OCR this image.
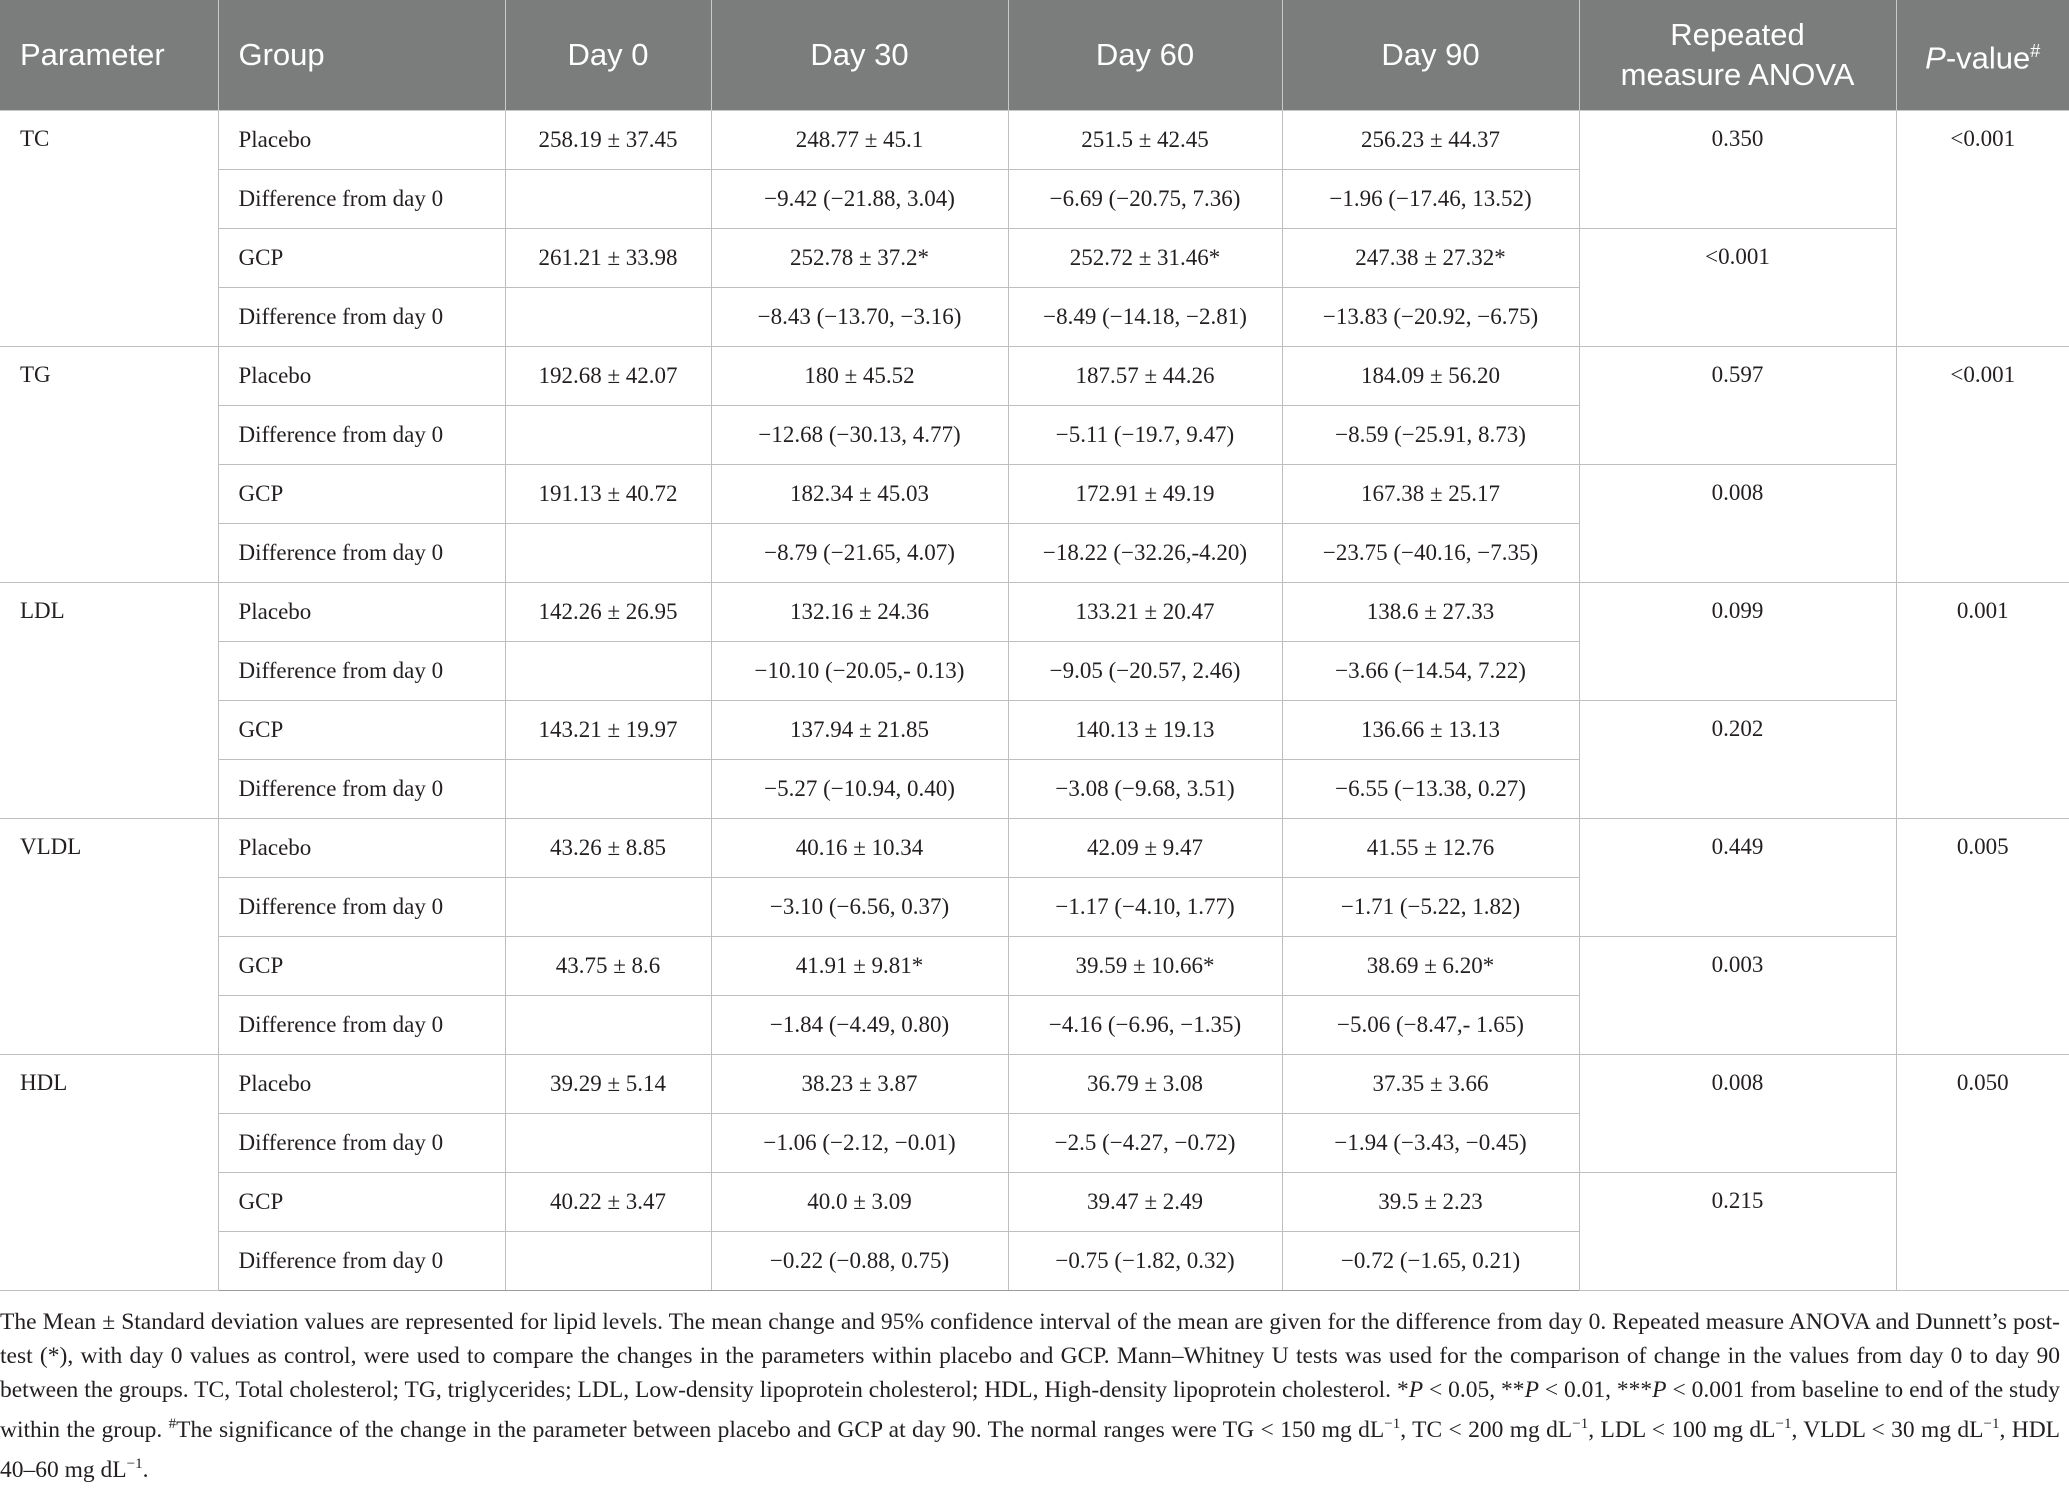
Parameter	Group	Day 0	Day 30	Day 60	Day 90	Repeated
measure ANOVA	P-value#
TC	Placebo	258.19 ± 37.45	248.77 ± 45.1	251.5 ± 42.45	256.23 ± 44.37	0.350	<0.001
	Difference from day 0		−9.42 (−21.88, 3.04)	−6.69 (−20.75, 7.36)	−1.96 (−17.46, 13.52)		
	GCP	261.21 ± 33.98	252.78 ± 37.2*	252.72 ± 31.46*	247.38 ± 27.32*	<0.001	
	Difference from day 0		−8.43 (−13.70, −3.16)	−8.49 (−14.18, −2.81)	−13.83 (−20.92, −6.75)		
TG	Placebo	192.68 ± 42.07	180 ± 45.52	187.57 ± 44.26	184.09 ± 56.20	0.597	<0.001
	Difference from day 0		−12.68 (−30.13, 4.77)	−5.11 (−19.7, 9.47)	−8.59 (−25.91, 8.73)		
	GCP	191.13 ± 40.72	182.34 ± 45.03	172.91 ± 49.19	167.38 ± 25.17	0.008	
	Difference from day 0		−8.79 (−21.65, 4.07)	−18.22 (−32.26,-4.20)	−23.75 (−40.16, −7.35)		
LDL	Placebo	142.26 ± 26.95	132.16 ± 24.36	133.21 ± 20.47	138.6 ± 27.33	0.099	0.001
	Difference from day 0		−10.10 (−20.05,- 0.13)	−9.05 (−20.57, 2.46)	−3.66 (−14.54, 7.22)		
	GCP	143.21 ± 19.97	137.94 ± 21.85	140.13 ± 19.13	136.66 ± 13.13	0.202	
	Difference from day 0		−5.27 (−10.94, 0.40)	−3.08 (−9.68, 3.51)	−6.55 (−13.38, 0.27)		
VLDL	Placebo	43.26 ± 8.85	40.16 ± 10.34	42.09 ± 9.47	41.55 ± 12.76	0.449	0.005
	Difference from day 0		−3.10 (−6.56, 0.37)	−1.17 (−4.10, 1.77)	−1.71 (−5.22, 1.82)		
	GCP	43.75 ± 8.6	41.91 ± 9.81*	39.59 ± 10.66*	38.69 ± 6.20*	0.003	
	Difference from day 0		−1.84 (−4.49, 0.80)	−4.16 (−6.96, −1.35)	−5.06 (−8.47,- 1.65)		
HDL	Placebo	39.29 ± 5.14	38.23 ± 3.87	36.79 ± 3.08	37.35 ± 3.66	0.008	0.050
	Difference from day 0		−1.06 (−2.12, −0.01)	−2.5 (−4.27, −0.72)	−1.94 (−3.43, −0.45)		
	GCP	40.22 ± 3.47	40.0 ± 3.09	39.47 ± 2.49	39.5 ± 2.23	0.215	
	Difference from day 0		−0.22 (−0.88, 0.75)	−0.75 (−1.82, 0.32)	−0.72 (−1.65, 0.21)		

The Mean ± Standard deviation values are represented for lipid levels. The mean change and 95% confidence interval of the mean are given for the difference from day 0. Repeated measure ANOVA and Dunnett’s post-test (*), with day 0 values as control, were used to compare the changes in the parameters within placebo and GCP. Mann–Whitney U tests was used for the comparison of change in the values from day 0 to day 90 between the groups. TC, Total cholesterol; TG, triglycerides; LDL, Low-density lipoprotein cholesterol; HDL, High-density lipoprotein cholesterol. *P < 0.05, **P < 0.01, ***P < 0.001 from baseline to end of the study within the group. #The significance of the change in the parameter between placebo and GCP at day 90. The normal ranges were TG < 150 mg $dL^{-1}$, TC < 200 mg $dL^{-1}$, LDL < 100 mg $dL^{-1}$, VLDL < 30 mg $dL^{-1}$, HDL 40–60 mg $dL^{-1}$.
